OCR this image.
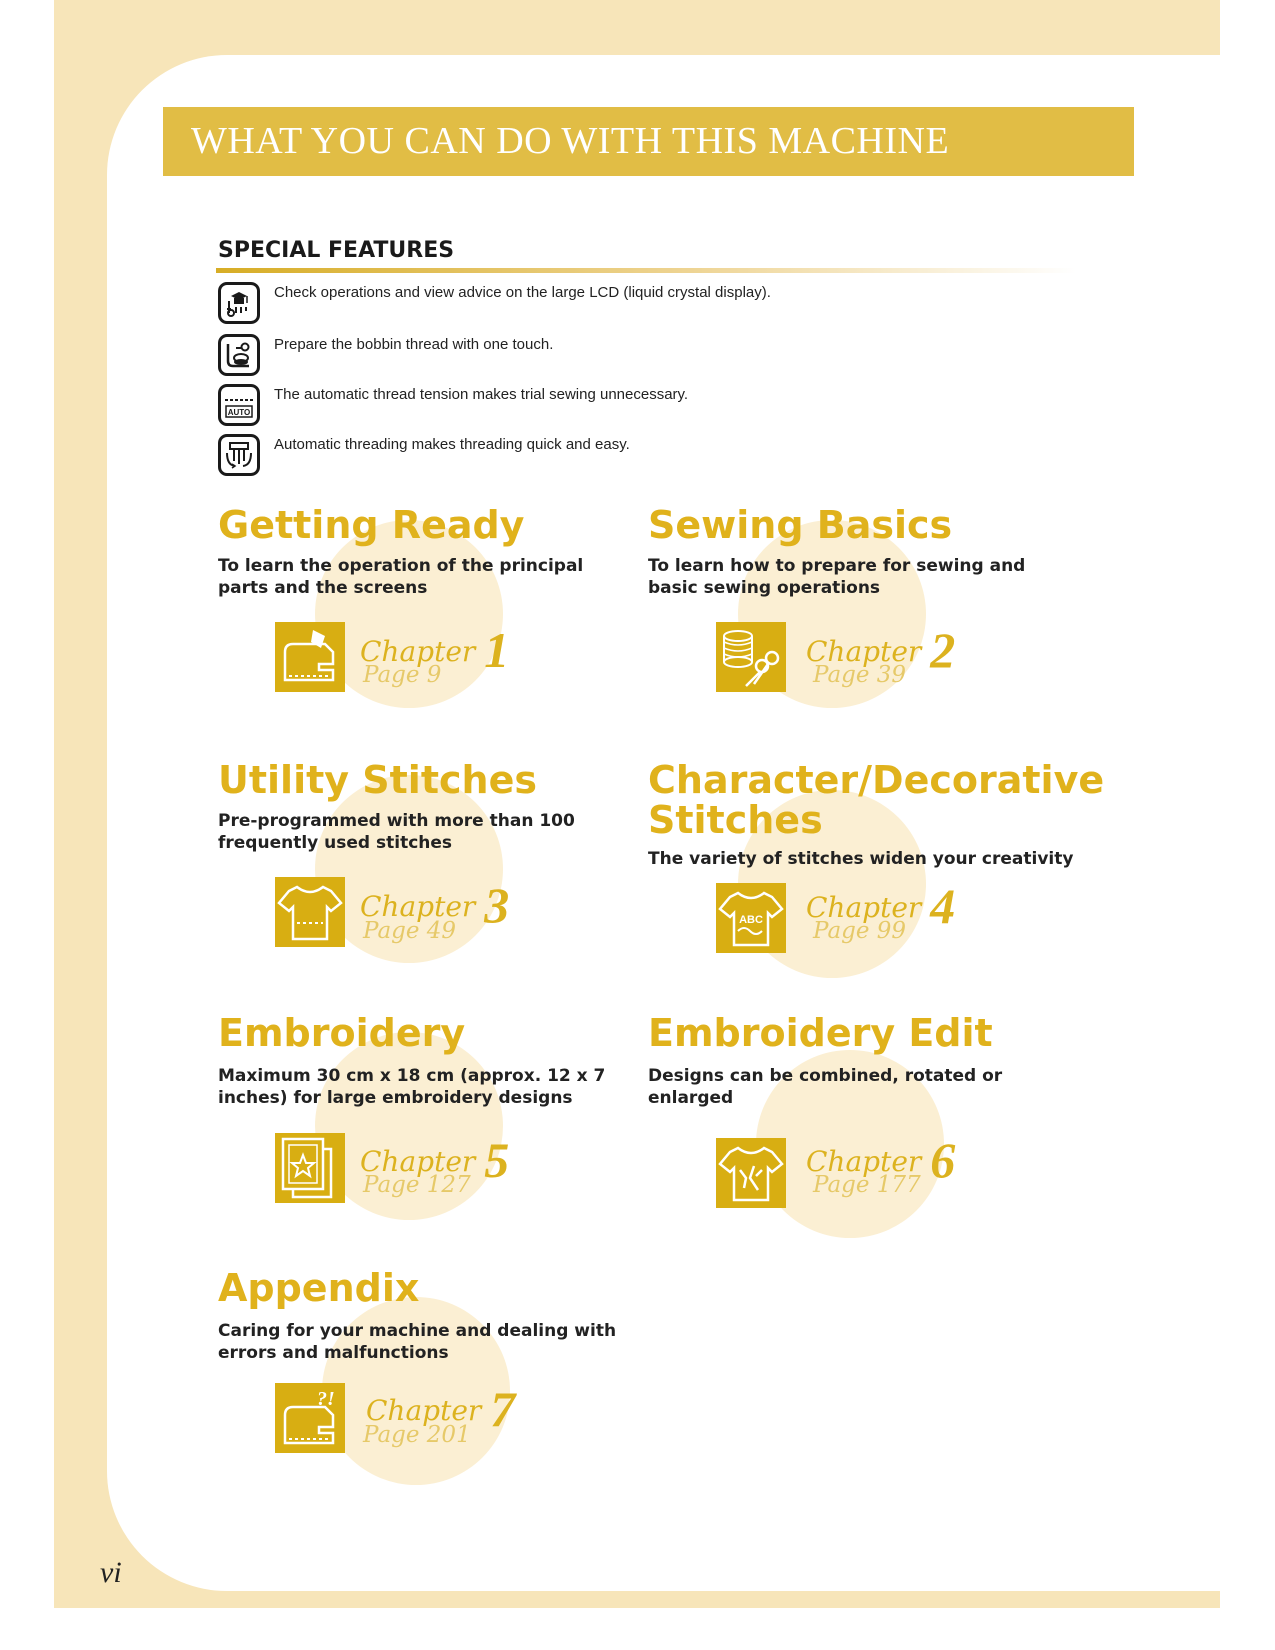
WHAT YOU CAN DO WITH THIS MACHINE
SPECIAL FEATURES
Check operations and view advice on the large LCD (liquid crystal display).
Prepare the bobbin thread with one touch.
AUTO
The automatic thread tension makes trial sewing unnecessary.
Automatic threading makes threading quick and easy.
Getting Ready
To learn the operation of the principal parts and the screens
Chapter 1
Page 9
Sewing Basics
To learn how to prepare for sewing and basic sewing operations
Chapter 2
Page 39
Utility Stitches
Pre-programmed with more than 100 frequently used stitches
Chapter 3
Page 49
Character/Decorative Stitches
The variety of stitches widen your creativity
ABC Chapter 4
Page 99
Embroidery
Maximum 30 cm x 18 cm (approx. 12 x 7 inches) for large embroidery designs
Chapter 5
Page 127
Embroidery Edit
Designs can be combined, rotated or enlarged
Chapter 6
Page 177
Appendix
Caring for your machine and dealing with errors and malfunctions
?! Chapter 7
Page 201
vi
